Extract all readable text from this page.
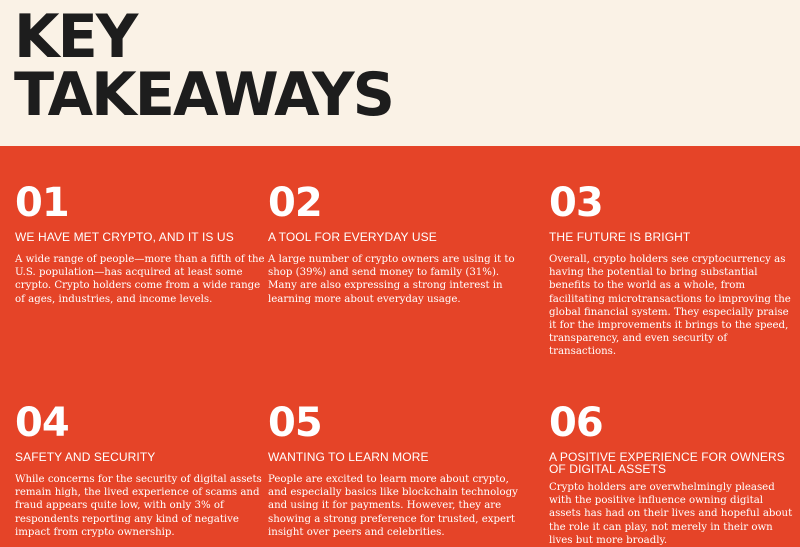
KEY
TAKEAWAYS
01
WE HAVE MET CRYPTO, AND IT IS US

A wide range of people—more than a fifth of the U.S. population—has acquired at least some crypto. Crypto holders come from a wide range of ages, industries, and income levels.

02
A TOOL FOR EVERYDAY USE

A large number of crypto owners are using it to shop (39%) and send money to family (31%). Many are also expressing a strong interest in learning more about everyday usage.

03
THE FUTURE IS BRIGHT

Overall, crypto holders see cryptocurrency as having the potential to bring substantial benefits to the world as a whole, from facilitating microtransactions to improving the global financial system. They especially praise it for the improvements it brings to the speed, transparency, and even security of transactions.

04
SAFETY AND SECURITY

While concerns for the security of digital assets remain high, the lived experience of scams and fraud appears quite low, with only 3% of respondents reporting any kind of negative impact from crypto ownership.

05
WANTING TO LEARN MORE

People are excited to learn more about crypto, and especially basics like blockchain technology and using it for payments. However, they are showing a strong preference for trusted, expert insight over peers and celebrities.

06
A POSITIVE EXPERIENCE FOR OWNERS OF DIGITAL ASSETS

Crypto holders are overwhelmingly pleased with the positive influence owning digital assets has had on their lives and hopeful about the role it can play, not merely in their own lives but more broadly.
